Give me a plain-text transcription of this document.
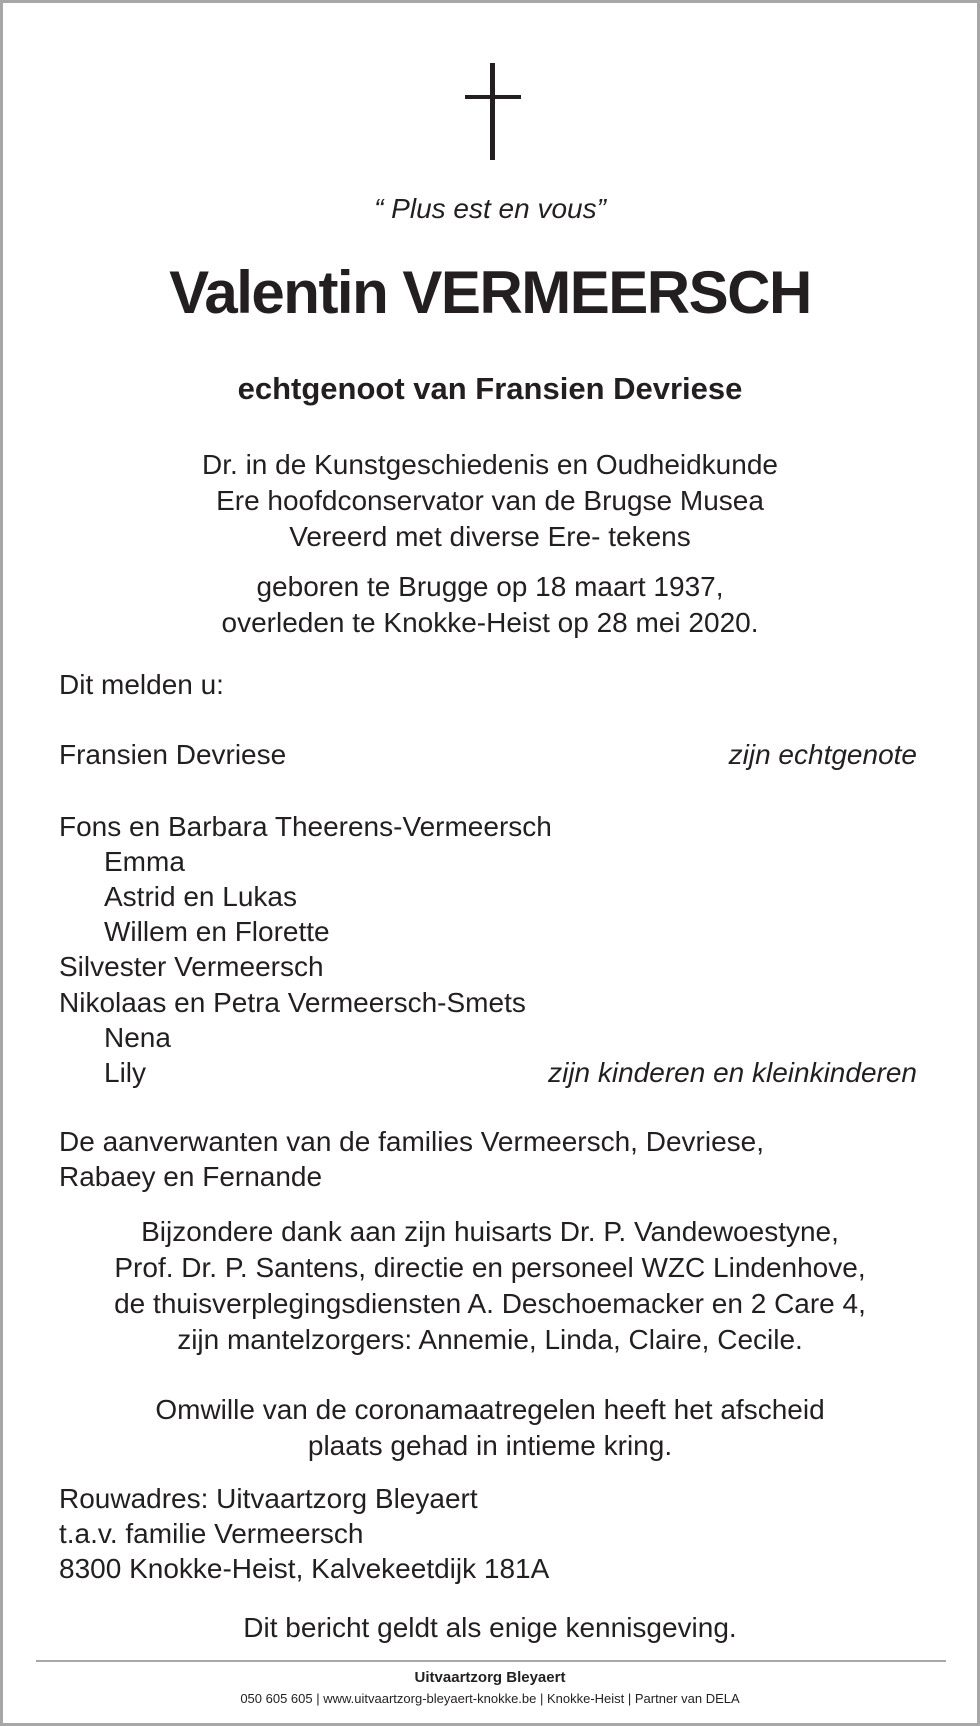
“ Plus est en vous”
Valentin VERMEERSCH
echtgenoot van Fransien Devriese
Dr. in de Kunstgeschiedenis en Oudheidkunde
Ere hoofdconservator van de Brugse Musea
Vereerd met diverse Ere- tekens
geboren te Brugge op 18 maart 1937,
overleden te Knokke-Heist op 28 mei 2020.
Dit melden u:
Fransien Devriese	zijn echtgenote
Fons en Barbara Theerens-Vermeersch
Emma
Astrid en Lukas
Willem en Florette
Silvester Vermeersch
Nikolaas en Petra Vermeersch-Smets
Nena
Lily	zijn kinderen en kleinkinderen
De aanverwanten van de families Vermeersch, Devriese,
Rabaey en Fernande
Bijzondere dank aan zijn huisarts Dr. P. Vandewoestyne,
Prof. Dr. P. Santens, directie en personeel WZC Lindenhove,
de thuisverplegingsdiensten A. Deschoemacker en 2 Care 4,
zijn mantelzorgers: Annemie, Linda, Claire, Cecile.
Omwille van de coronamaatregelen heeft het afscheid
plaats gehad in intieme kring.
Rouwadres: Uitvaartzorg Bleyaert
t.a.v. familie Vermeersch
8300 Knokke-Heist, Kalvekeetdijk 181A
Dit bericht geldt als enige kennisgeving.
Uitvaartzorg Bleyaert
050 605 605 | www.uitvaartzorg-bleyaert-knokke.be | Knokke-Heist | Partner van DELA
